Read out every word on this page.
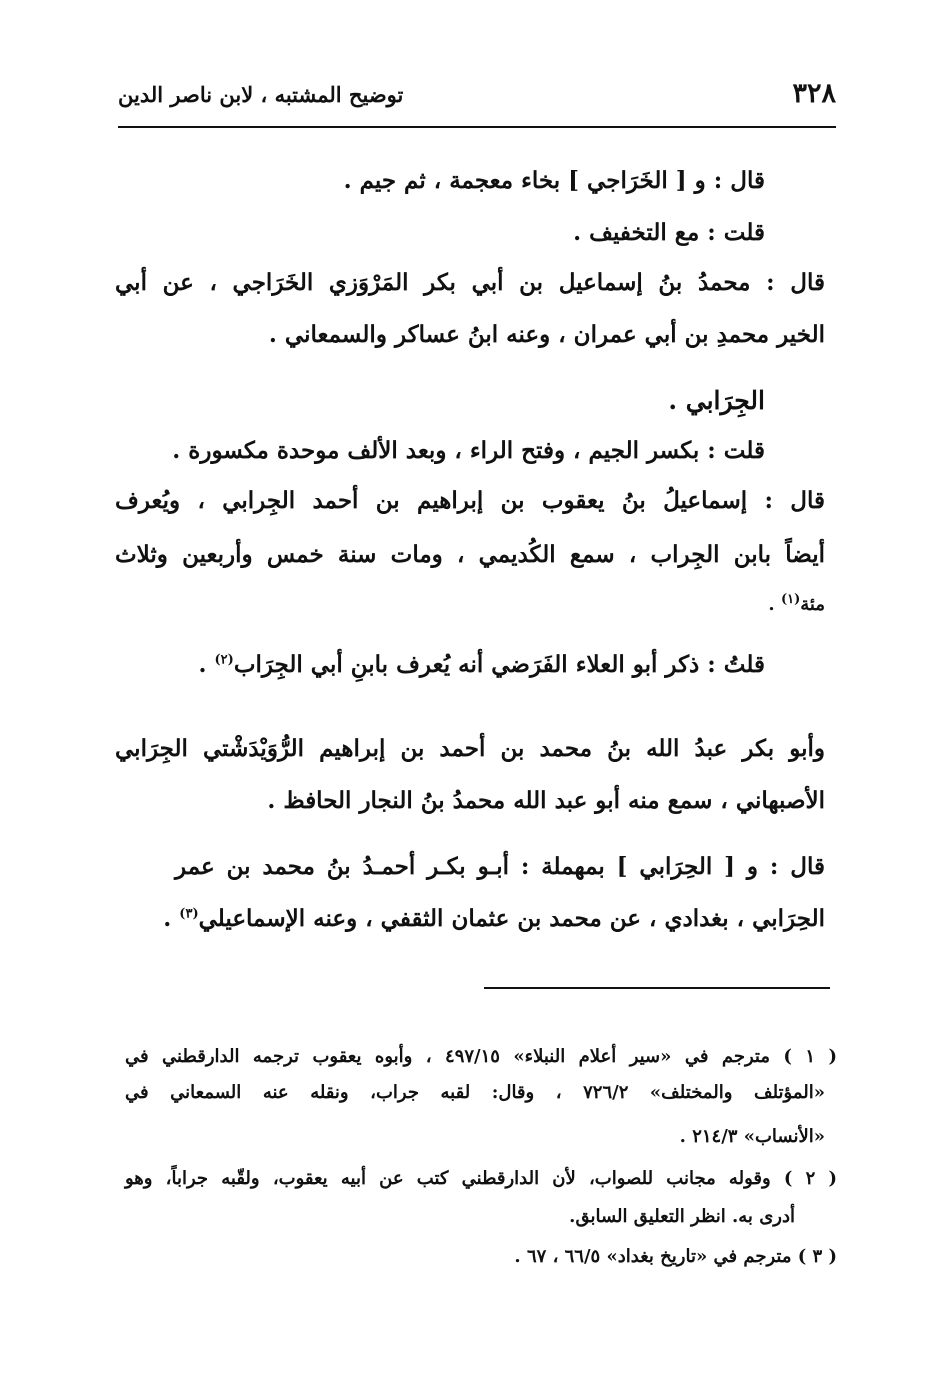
٣٢٨
توضيح المشتبه ، لابن ناصر الدين
قال : و [ الخَرَاجي ] بخاء معجمة ، ثم جيم .
قلت : مع التخفيف .
قال : محمدُ بنُ إسماعيل بن أبي بكر المَرْوَزي الخَرَاجي ، عن أبي
الخير محمدِ بن أبي عمران ، وعنه ابنُ عساكر والسمعاني .
الجِرَابي .
قلت : بكسر الجيم ، وفتح الراء ، وبعد الألف موحدة مكسورة .
قال : إسماعيلُ بنُ يعقوب بن إبراهيم بن أحمد الجِرابي ، ويُعرف
أيضاً بابن الجِراب ، سمع الكُديمي ، ومات سنة خمس وأربعين وثلاث
مئة$^{(١)}$ .
قلتُ : ذكر أبو العلاء الفَرَضي أنه يُعرف بابنِ أبي الجِرَاب$^{(٢)}$ .
وأبو بكر عبدُ الله بنُ محمد بن أحمد بن إبراهيم الرُّوَيْدَشْتي الجِرَابي
الأصبهاني ، سمع منه أبو عبد الله محمدُ بنُ النجار الحافظ .
قال : و [ الحِرَابي ] بمهملة : أبـو بكـر أحمـدُ بنُ محمد بن عمر
الحِرَابي ، بغدادي ، عن محمد بن عثمان الثقفي ، وعنه الإسماعيلي$^{(٣)}$ .
( ١ ) مترجم في «سير أعلام النبلاء» ٤٩٧/١٥ ، وأبوه يعقوب ترجمه الدارقطني في
«المؤتلف والمختلف» ٧٢٦/٢ ، وقال: لقبه جراب، ونقله عنه السمعاني في
«الأنساب» ٢١٤/٣ .
( ٢ ) وقوله مجانب للصواب، لأن الدارقطني كتب عن أبيه يعقوب، ولقّبه جراباً، وهو
أدرى به. انظر التعليق السابق.
( ٣ ) مترجم في «تاريخ بغداد» ٦٦/٥ ، ٦٧ .
